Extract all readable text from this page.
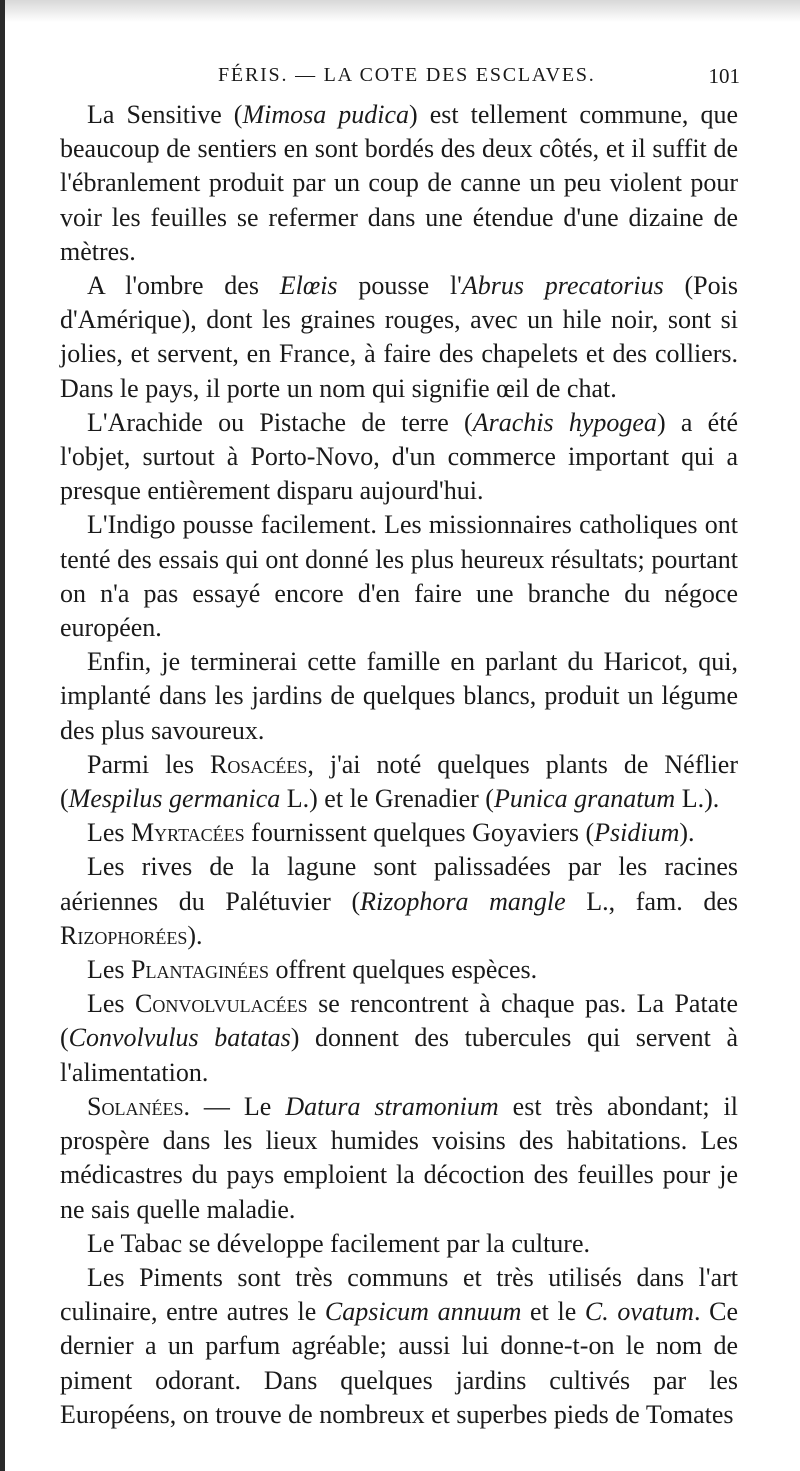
FÉRIS. — LA COTE DES ESCLAVES.	101

La Sensitive (Mimosa pudica) est tellement commune, que beaucoup de sentiers en sont bordés des deux côtés, et il suffit de l'ébranlement produit par un coup de canne un peu violent pour voir les feuilles se refermer dans une étendue d'une dizaine de mètres.

A l'ombre des Elœis pousse l'Abrus precatorius (Pois d'Amérique), dont les graines rouges, avec un hile noir, sont si jolies, et servent, en France, à faire des chapelets et des colliers. Dans le pays, il porte un nom qui signifie œil de chat.

L'Arachide ou Pistache de terre (Arachis hypogea) a été l'objet, surtout à Porto-Novo, d'un commerce important qui a presque entièrement disparu aujourd'hui.

L'Indigo pousse facilement. Les missionnaires catholiques ont tenté des essais qui ont donné les plus heureux résultats; pourtant on n'a pas essayé encore d'en faire une branche du négoce européen.

Enfin, je terminerai cette famille en parlant du Haricot, qui, implanté dans les jardins de quelques blancs, produit un légume des plus savoureux.

Parmi les Rosacées, j'ai noté quelques plants de Néflier (Mespilus germanica L.) et le Grenadier (Punica granatum L.).

Les Myrtacées fournissent quelques Goyaviers (Psidium).

Les rives de la lagune sont palissadées par les racines aériennes du Palétuvier (Rizophora mangle L., fam. des Rizophorées).

Les Plantaginées offrent quelques espèces.

Les Convolvulacées se rencontrent à chaque pas. La Patate (Convolvulus batatas) donnent des tubercules qui servent à l'alimentation.

Solanées. — Le Datura stramonium est très abondant; il prospère dans les lieux humides voisins des habitations. Les médicastres du pays emploient la décoction des feuilles pour je ne sais quelle maladie.

Le Tabac se développe facilement par la culture.

Les Piments sont très communs et très utilisés dans l'art culinaire, entre autres le Capsicum annuum et le C. ovatum. Ce dernier a un parfum agréable; aussi lui donne-t-on le nom de piment odorant. Dans quelques jardins cultivés par les Européens, on trouve de nombreux et superbes pieds de Tomates
